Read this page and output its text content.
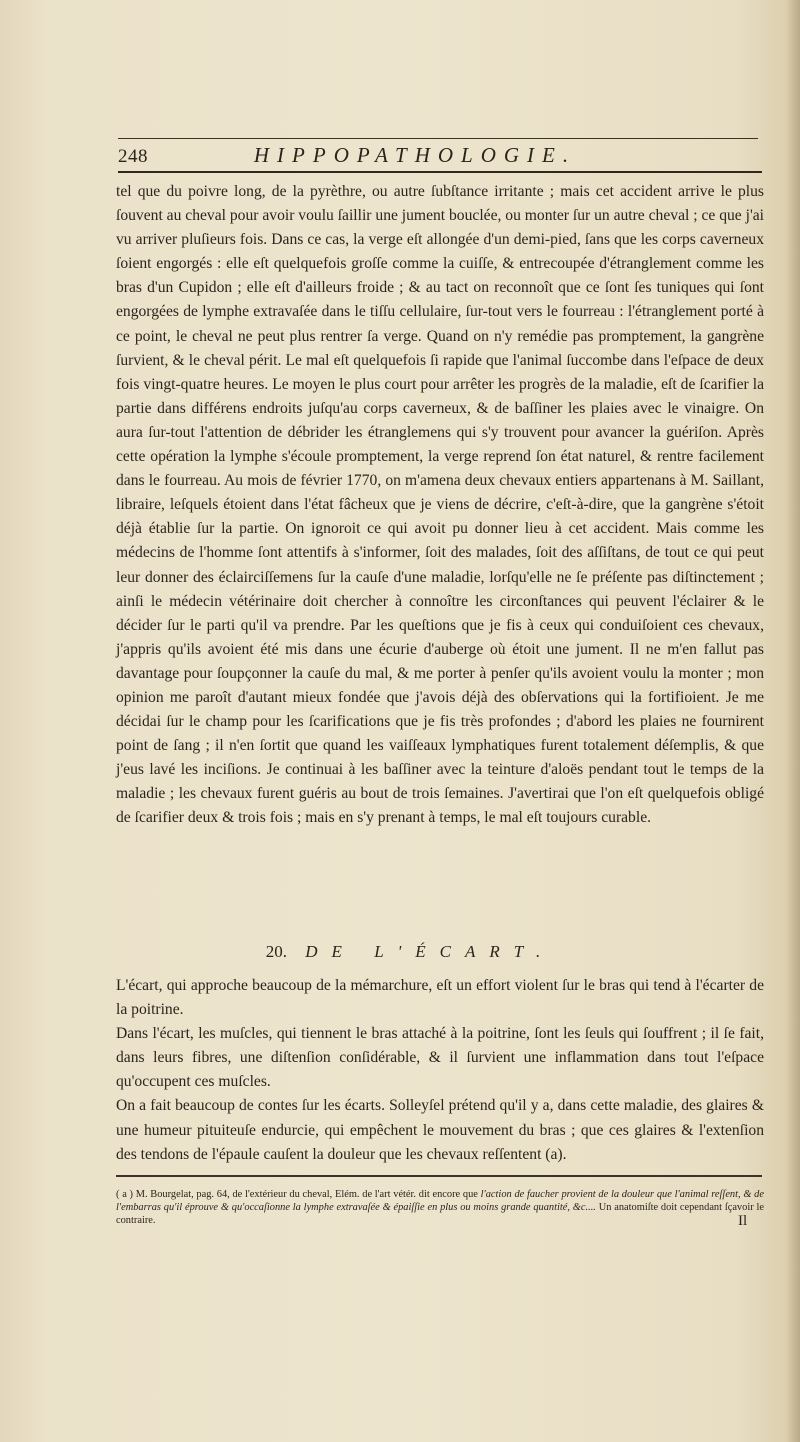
248	HIPPOPATHOLOGIE.

tel que du poivre long, de la pyrèthre, ou autre ſubſtance irritante ; mais cet accident arrive le plus ſouvent au cheval pour avoir voulu ſaillir une jument bouclée, ou monter ſur un autre cheval ; ce que j'ai vu arriver pluſieurs fois. Dans ce cas, la verge eſt allongée d'un demi-pied, ſans que les corps caverneux ſoient engorgés : elle eſt quelquefois groſſe comme la cuiſſe, & entrecoupée d'étranglement comme les bras d'un Cupidon ; elle eſt d'ailleurs froide ; & au tact on reconnoît que ce ſont ſes tuniques qui ſont engorgées de lymphe extravaſée dans le tiſſu cellulaire, ſur-tout vers le fourreau : l'étranglement porté à ce point, le cheval ne peut plus rentrer ſa verge. Quand on n'y remédie pas promptement, la gangrène ſurvient, & le cheval périt. Le mal eſt quelquefois ſi rapide que l'animal ſuccombe dans l'eſpace de deux fois vingt-quatre heures. Le moyen le plus court pour arrêter les progrès de la maladie, eſt de ſcarifier la partie dans différens endroits juſqu'au corps caverneux, & de baſſiner les plaies avec le vinaigre. On aura ſur-tout l'attention de débrider les étranglemens qui s'y trouvent pour avancer la guériſon. Après cette opération la lymphe s'écoule promptement, la verge reprend ſon état naturel, & rentre facilement dans le fourreau. Au mois de février 1770, on m'amena deux chevaux entiers appartenans à M. Saillant, libraire, leſquels étoient dans l'état fâcheux que je viens de décrire, c'eſt-à-dire, que la gangrène s'étoit déjà établie ſur la partie. On ignoroit ce qui avoit pu donner lieu à cet accident. Mais comme les médecins de l'homme ſont attentifs à s'informer, ſoit des malades, ſoit des aſſiſtans, de tout ce qui peut leur donner des éclairciſſemens ſur la cauſe d'une maladie, lorſqu'elle ne ſe préſente pas diſtinctement ; ainſi le médecin vétérinaire doit chercher à connoître les circonſtances qui peuvent l'éclairer & le décider ſur le parti qu'il va prendre. Par les queſtions que je fis à ceux qui conduiſoient ces chevaux, j'appris qu'ils avoient été mis dans une écurie d'auberge où étoit une jument. Il ne m'en fallut pas davantage pour ſoupçonner la cauſe du mal, & me porter à penſer qu'ils avoient voulu la monter ; mon opinion me paroît d'autant mieux fondée que j'avois déjà des obſervations qui la fortifioient. Je me décidai ſur le champ pour les ſcarifications que je fis très profondes ; d'abord les plaies ne fournirent point de ſang ; il n'en ſortit que quand les vaiſſeaux lymphatiques furent totalement déſemplis, & que j'eus lavé les inciſions. Je continuai à les baſſiner avec la teinture d'aloës pendant tout le temps de la maladie ; les chevaux furent guéris au bout de trois ſemaines. J'avertirai que l'on eſt quelquefois obligé de ſcarifier deux & trois fois ; mais en s'y prenant à temps, le mal eſt toujours curable.

20. DE L'ÉCART.

L'écart, qui approche beaucoup de la mémarchure, eſt un effort violent ſur le bras qui tend à l'écarter de la poitrine.

Dans l'écart, les muſcles, qui tiennent le bras attaché à la poitrine, ſont les ſeuls qui ſouffrent ; il ſe fait, dans leurs fibres, une diſtenſion conſidérable, & il ſurvient une inflammation dans tout l'eſpace qu'occupent ces muſcles.

On a fait beaucoup de contes ſur les écarts. Solleyſel prétend qu'il y a, dans cette maladie, des glaires & une humeur pituiteuſe endurcie, qui empêchent le mouvement du bras ; que ces glaires & l'extenſion des tendons de l'épaule cauſent la douleur que les chevaux reſſentent (a).

( a ) M. Bourgelat, pag. 64, de l'extérieur du cheval, Elém. de l'art vétér. dit encore que l'action de faucher provient de la douleur que l'animal reſſent, & de l'embarras qu'il éprouve & qu'occaſionne la lymphe extravaſée & épaiſſie en plus ou moins grande quantité, &c.... Un anatomiſte doit cependant ſçavoir le contraire.	Il
